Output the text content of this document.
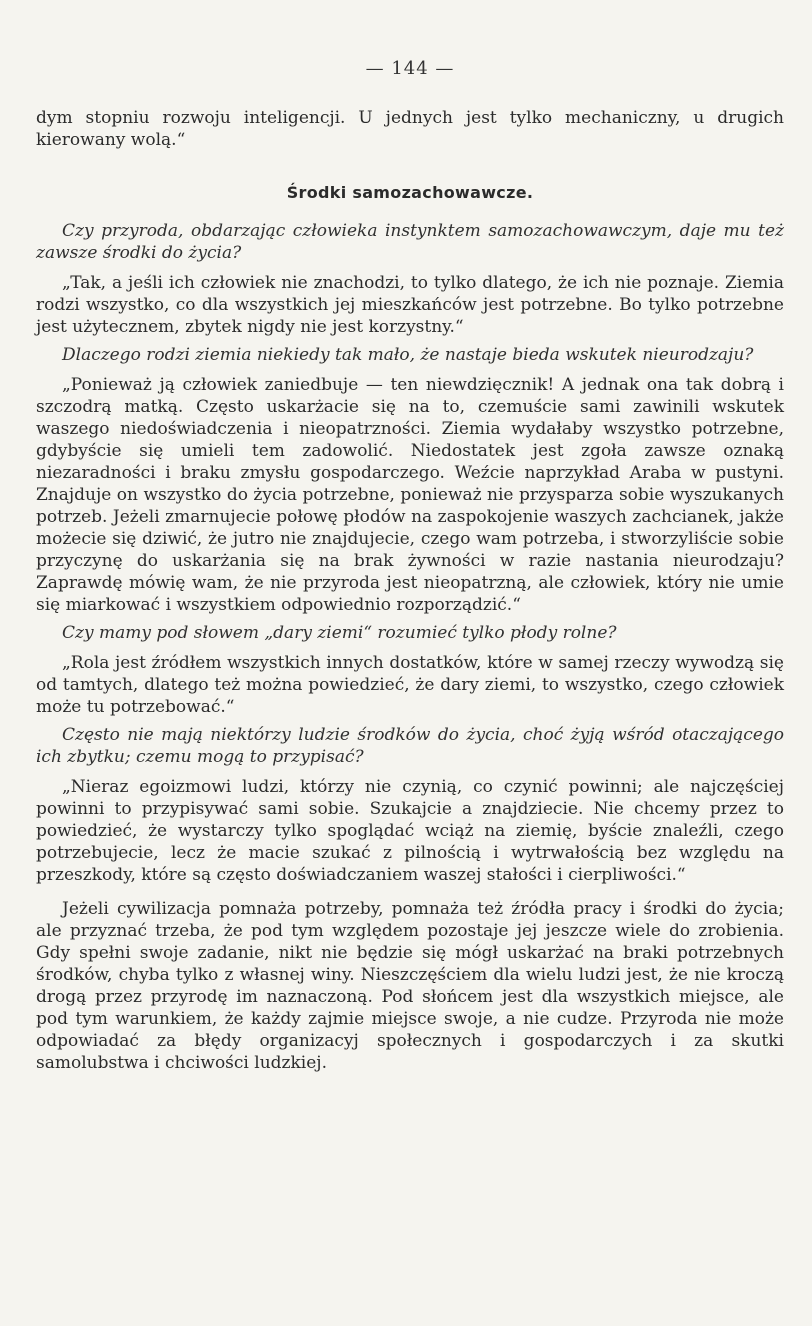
— 144 —

dym stopniu rozwoju inteligencji. U jednych jest tylko mechaniczny, u drugich kierowany wolą.“

Środki samozachowawcze.

Czy przyroda, obdarzając człowieka instynktem samozachowawczym, daje mu też zawsze środki do życia?

„Tak, a jeśli ich człowiek nie znachodzi, to tylko dlatego, że ich nie poznaje. Ziemia rodzi wszystko, co dla wszystkich jej mieszkańców jest potrzebne. Bo tylko potrzebne jest użytecznem, zbytek nigdy nie jest korzystny.“

Dlaczego rodzi ziemia niekiedy tak mało, że nastaje bieda wskutek nieurodzaju?

„Ponieważ ją człowiek zaniedbuje — ten niewdzięcznik! A jednak ona tak dobrą i szczodrą matką. Często uskarżacie się na to, czemuście sami zawinili wskutek waszego niedoświadczenia i nieopatrzności. Ziemia wydałaby wszystko potrzebne, gdybyście się umieli tem zadowolić. Niedostatek jest zgoła zawsze oznaką niezaradności i braku zmysłu gospodarczego. Weźcie naprzykład Araba w pustyni. Znajduje on wszystko do życia potrzebne, ponieważ nie przysparza sobie wyszukanych potrzeb. Jeżeli zmarnujecie połowę płodów na zaspokojenie waszych zachcianek, jakże możecie się dziwić, że jutro nie znajdujecie, czego wam potrzeba, i stworzyliście sobie przyczynę do uskarżania się na brak żywności w razie nastania nieurodzaju? Zaprawdę mówię wam, że nie przyroda jest nieopatrzną, ale człowiek, który nie umie się miarkować i wszystkiem odpowiednio rozporządzić.“

Czy mamy pod słowem „dary ziemi“ rozumieć tylko płody rolne?

„Rola jest źródłem wszystkich innych dostatków, które w samej rzeczy wywodzą się od tamtych, dlatego też można powiedzieć, że dary ziemi, to wszystko, czego człowiek może tu potrzebować.“

Często nie mają niektórzy ludzie środków do życia, choć żyją wśród otaczającego ich zbytku; czemu mogą to przypisać?

„Nieraz egoizmowi ludzi, którzy nie czynią, co czynić powinni; ale najczęściej powinni to przypisywać sami sobie. Szukajcie a znajdziecie. Nie chcemy przez to powiedzieć, że wystarczy tylko spoglądać wciąż na ziemię, byście znaleźli, czego potrzebujecie, lecz że macie szukać z pilnością i wytrwałością bez względu na przeszkody, które są często doświadczaniem waszej stałości i cierpliwości.“

Jeżeli cywilizacja pomnaża potrzeby, pomnaża też źródła pracy i środki do życia; ale przyznać trzeba, że pod tym względem pozostaje jej jeszcze wiele do zrobienia. Gdy spełni swoje zadanie, nikt nie będzie się mógł uskarżać na braki potrzebnych środków, chyba tylko z własnej winy. Nieszczęściem dla wielu ludzi jest, że nie kroczą drogą przez przyrodę im naznaczoną. Pod słońcem jest dla wszystkich miejsce, ale pod tym warunkiem, że każdy zajmie miejsce swoje, a nie cudze. Przyroda nie może odpowiadać za błędy organizacyj społecznych i gospodarczych i za skutki samolubstwa i chciwości ludzkiej.
